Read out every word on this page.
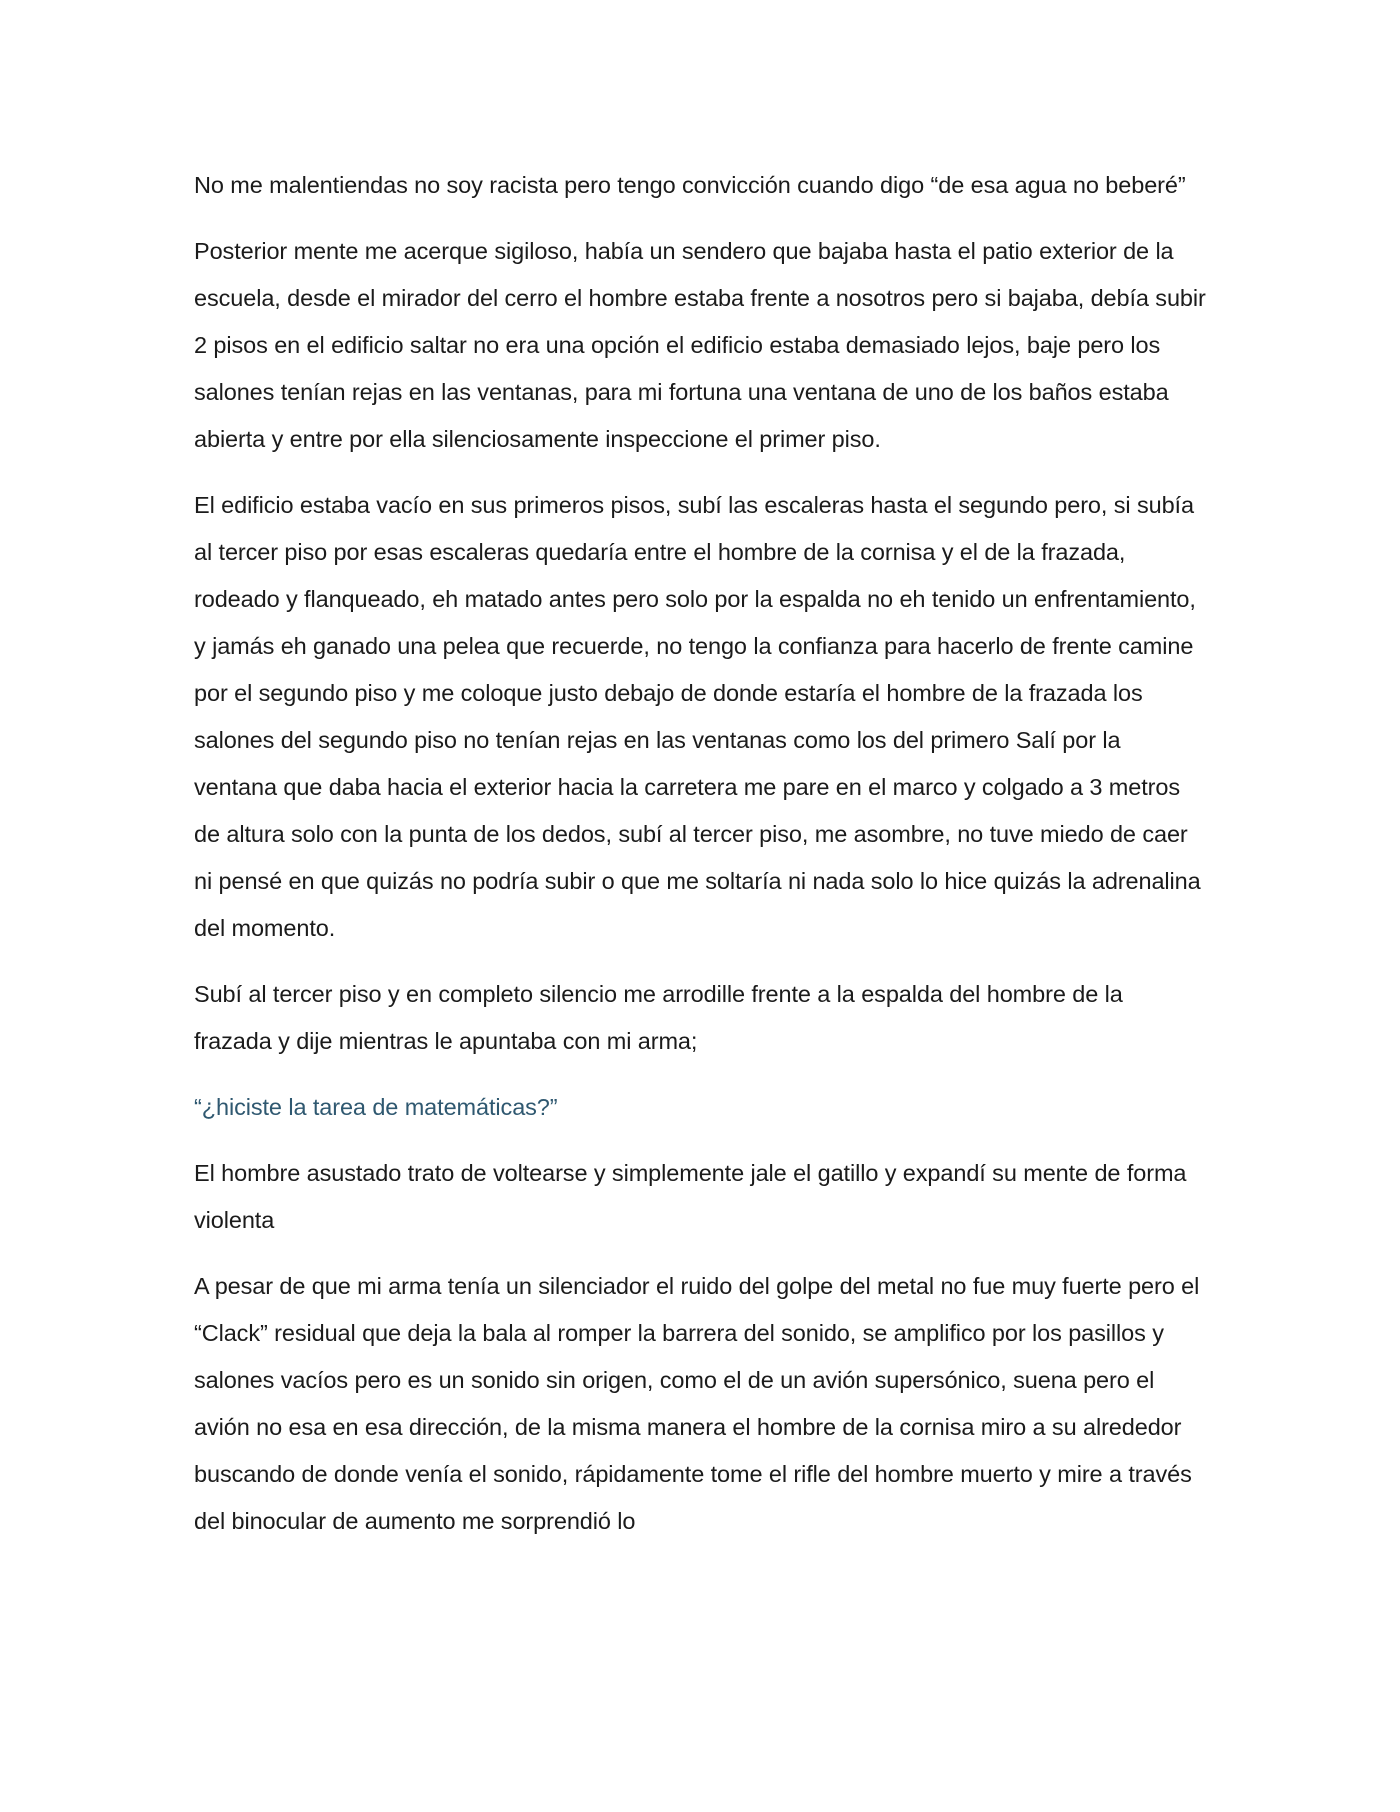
No me malentiendas no soy racista pero tengo convicción cuando digo “de esa agua no beberé”

Posterior mente me acerque sigiloso, había un sendero que bajaba hasta el patio exterior de la escuela, desde el mirador del cerro el hombre estaba frente a nosotros pero si bajaba, debía subir 2 pisos en el edificio saltar no era una opción el edificio estaba demasiado lejos, baje pero los salones tenían rejas en las ventanas, para mi fortuna una ventana de uno de los baños estaba abierta y entre por ella silenciosamente inspeccione el primer piso.

El edificio estaba vacío en sus primeros pisos, subí las escaleras hasta el segundo pero, si subía al tercer piso por esas escaleras quedaría entre el hombre de la cornisa y el de la frazada, rodeado y flanqueado, eh matado antes pero solo por la espalda no eh tenido un enfrentamiento, y jamás eh ganado una pelea que recuerde, no tengo la confianza para hacerlo de frente camine por el segundo piso y me coloque justo debajo de donde estaría el hombre de la frazada los salones del segundo piso no tenían rejas en las ventanas como los del primero Salí por la ventana que daba hacia el exterior hacia la carretera me pare en el marco y colgado a 3 metros de altura solo con la punta de los dedos, subí al tercer piso, me asombre, no tuve miedo de caer ni pensé en que quizás no podría subir o que me soltaría ni nada solo lo hice quizás la adrenalina del momento.

Subí al tercer piso y en completo silencio me arrodille frente a la espalda del hombre de la frazada y dije mientras le apuntaba con mi arma;

“¿hiciste la tarea de matemáticas?”

El hombre asustado trato de voltearse y simplemente jale el gatillo y expandí su mente de forma violenta

A pesar de que mi arma tenía un silenciador el ruido del golpe del metal no fue muy fuerte pero el “Clack” residual que deja la bala al romper la barrera del sonido, se amplifico por los pasillos y salones vacíos pero es un sonido sin origen, como el de un avión supersónico, suena pero el avión no esa en esa dirección, de la misma manera el hombre de la cornisa miro a su alrededor buscando de donde venía el sonido, rápidamente tome el rifle del hombre muerto y mire a través del binocular de aumento me sorprendió lo
